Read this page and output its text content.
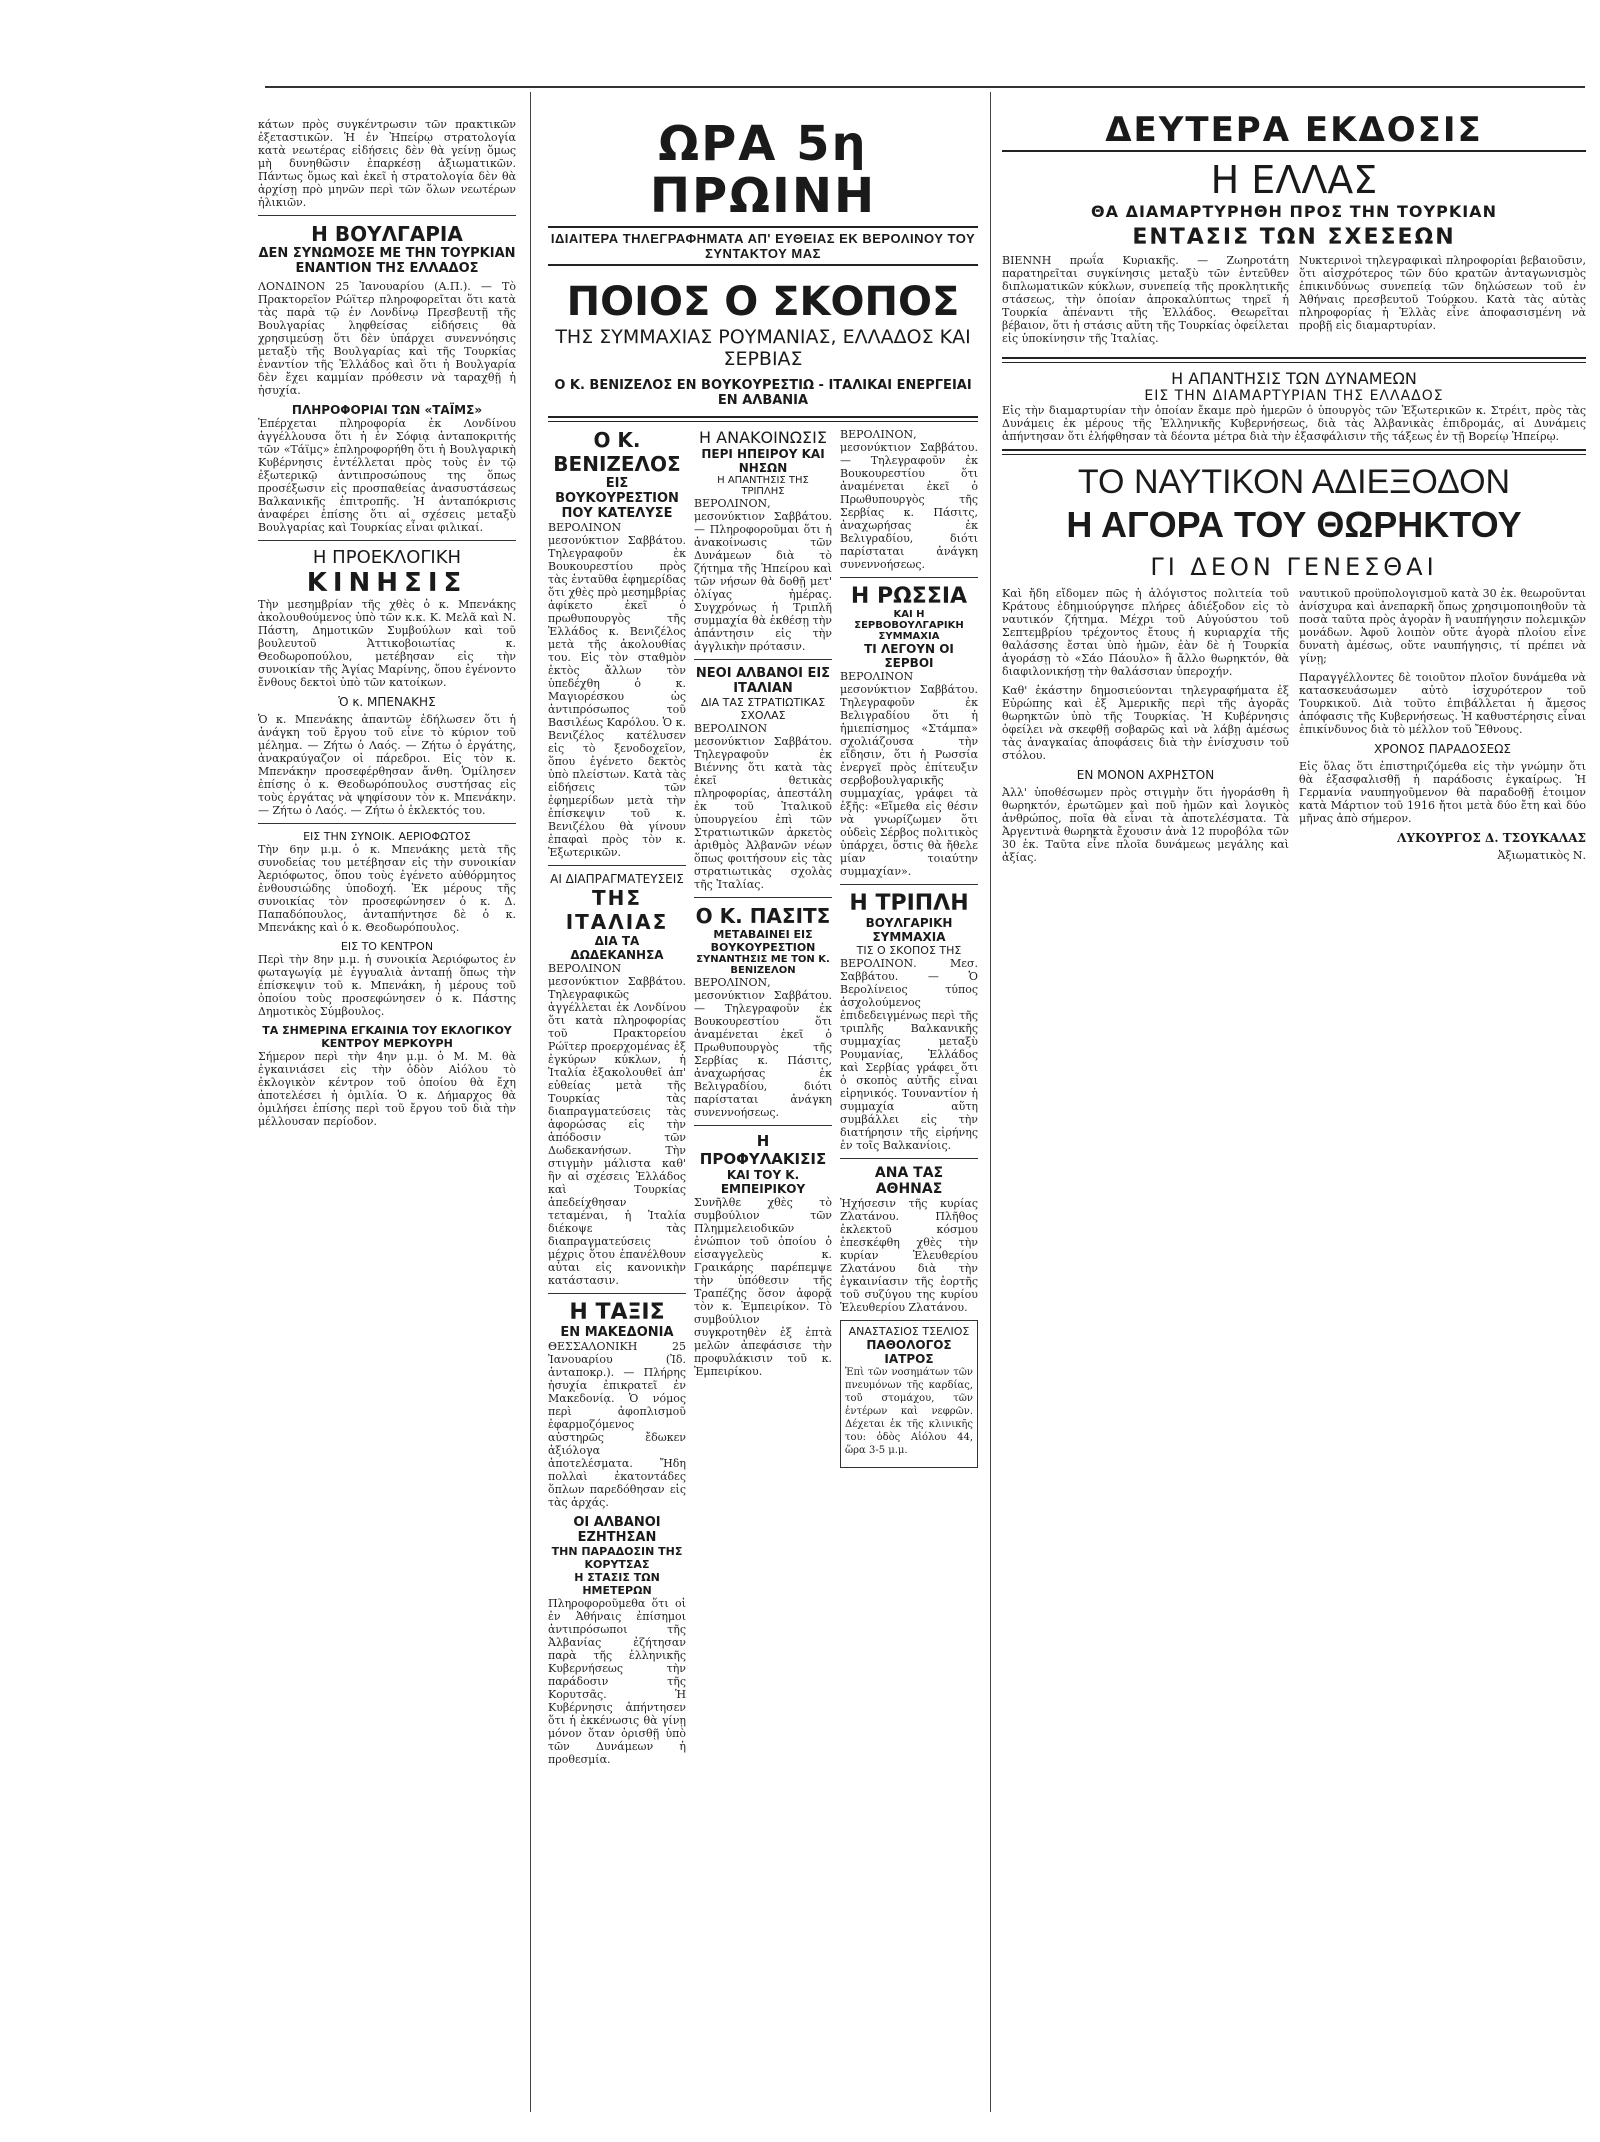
κάτων πρὸς συγκέντρωσιν τῶν πρακτικῶν ἐξεταστικῶν. Ἡ ἐν Ἠπείρῳ στρατολογία κατὰ νεωτέρας εἰδήσεις δὲν θὰ γείνῃ ὅμως μὴ δυνηθῶσιν ἐπαρκέσῃ ἀξιωματικῶν. Πάντως ὅμως καὶ ἐκεῖ ἡ στρατολογία δὲν θὰ ἀρχίσῃ πρὸ μηνῶν περὶ τῶν ὅλων νεωτέρων ἡλικιῶν.

Η ΒΟΥΛΓΑΡΙΑ
ΔΕΝ ΣΥΝΩΜΟΣΕ ΜΕ ΤΗΝ ΤΟΥΡΚΙΑΝ
ΕΝΑΝΤΙΟΝ ΤΗΣ ΕΛΛΑΔΟΣ

ΛΟΝΔΙΝΟΝ 25 Ἰανουαρίου (Α.Π.). — Τὸ Πρακτορεῖον Ρώϊτερ πληροφορεῖται ὅτι κατὰ τὰς παρὰ τῷ ἐν Λονδίνῳ Πρεσβευτῇ τῆς Βουλγαρίας ληφθείσας εἰδήσεις θὰ χρησιμεύσῃ ὅτι δὲν ὑπάρχει συνεννόησις μεταξὺ τῆς Βουλγαρίας καὶ τῆς Τουρκίας ἐναντίον τῆς Ἑλλάδος καὶ ὅτι ἡ Βουλγαρία δὲν ἔχει καμμίαν πρόθεσιν νὰ ταραχθῇ ἡ ἡσυχία.

ΠΛΗΡΟΦΟΡΙΑΙ ΤΩΝ «ΤΑΪΜΣ»

Ἐπέρχεται πληροφορία ἐκ Λονδίνου ἀγγέλλουσα ὅτι ἡ ἐν Σόφιᾳ ἀνταποκριτής τῶν «Τάϊμς» ἐπληροφορήθη ὅτι ἡ Βουλγαρικὴ Κυβέρνησις ἐντέλλεται πρὸς τοὺς ἐν τῷ ἐξωτερικῷ ἀντιπροσώπους της ὅπως προσέξωσιν εἰς προσπαθείας ἀνασυστάσεως Βαλκανικῆς ἐπιτροπῆς. Ἡ ἀνταπόκρισις ἀναφέρει ἐπίσης ὅτι αἱ σχέσεις μεταξὺ Βουλγαρίας καὶ Τουρκίας εἶναι φιλικαί.

Η ΠΡΟΕΚΛΟΓΙΚΗ
ΚΙΝΗΣΙΣ

Τὴν μεσημβρίαν τῆς χθὲς ὁ κ. Μπενάκης ἀκολουθούμενος ὑπὸ τῶν κ.κ. Κ. Μελᾶ καὶ Ν. Πάστη, Δημοτικῶν Συμβούλων καὶ τοῦ βουλευτοῦ Ἀττικοβοιωτίας κ. Θεοδωροπούλου, μετέβησαν εἰς τὴν συνοικίαν τῆς Ἁγίας Μαρίνης, ὅπου ἐγένοντο ἔνθους δεκτοὶ ὑπὸ τῶν κατοίκων.

Ὁ κ. ΜΠΕΝΑΚΗΣ

Ὁ κ. Μπενάκης ἀπαντῶν ἐδήλωσεν ὅτι ἡ ἀνάγκη τοῦ ἔργου τοῦ εἶνε τὸ κύριον τοῦ μέλημα. — Ζήτω ὁ Λαός. — Ζήτω ὁ ἐργάτης, ἀνακραύγαζον οἱ πάρεδροι. Εἰς τὸν κ. Μπενάκην προσεφέρθησαν ἄνθη. Ὁμίλησεν ἐπίσης ὁ κ. Θεοδωρόπουλος συστήσας εἰς τοὺς ἐργάτας νὰ ψηφίσουν τὸν κ. Μπενάκην. — Ζήτω ὁ Λαός. — Ζήτω ὁ ἐκλεκτός του.

ΕΙΣ ΤΗΝ ΣΥΝΟΙΚ. ΑΕΡΙΟΦΩΤΟΣ

Τὴν 6ην μ.μ. ὁ κ. Μπενάκης μετὰ τῆς συνοδείας του μετέβησαν εἰς τὴν συνοικίαν Ἀεριόφωτος, ὅπου τοὺς ἐγένετο αὐθόρμητος ἐνθουσιώδης ὑποδοχή. Ἐκ μέρους τῆς συνοικίας τὸν προσεφώνησεν ὁ κ. Δ. Παπαδόπουλος, ἀνταπήντησε δὲ ὁ κ. Μπενάκης καὶ ὁ κ. Θεοδωρόπουλος.

ΕΙΣ ΤΟ ΚΕΝΤΡΟΝ

Περὶ τὴν 8ην μ.μ. ἡ συνοικία Ἀεριόφωτος ἐν φωταγωγίᾳ μὲ ἐγγυαλιὰ ἀνταπῄ ὅπως τὴν ἐπίσκεψιν τοῦ κ. Μπενάκη, ἡ μέρους τοῦ ὁποίου τοὺς προσεφώνησεν ὁ κ. Πάστης Δημοτικὸς Σύμβουλος.

ΤΑ ΣΗΜΕΡΙΝΑ ΕΓΚΑΙΝΙΑ ΤΟΥ ΕΚΛΟΓΙΚΟΥ ΚΕΝΤΡΟΥ ΜΕΡΚΟΥΡΗ

Σήμερον περὶ τὴν 4ην μ.μ. ὁ Μ. Μ. θὰ ἐγκαινιάσει εἰς τὴν ὁδὸν Αἰόλου τὸ ἐκλογικὸν κέντρον τοῦ ὁποίου θὰ ἔχη ἀποτελέσει ἡ ὁμιλία. Ὁ κ. Δήμαρχος θὰ ὁμιλήσει ἐπίσης περὶ τοῦ ἔργου τοῦ διὰ τὴν μέλλουσαν περίοδον.

ΩΡΑ 5η ΠΡΩΙΝΗ
ΙΔΙΑΙΤΕΡΑ ΤΗΛΕΓΡΑΦΗΜΑΤΑ ΑΠ' ΕΥΘΕΙΑΣ ΕΚ ΒΕΡΟΛΙΝΟΥ ΤΟΥ ΣΥΝΤΑΚΤΟΥ ΜΑΣ
ΠΟΙΟΣ Ο ΣΚΟΠΟΣ
ΤΗΣ ΣΥΜΜΑΧΙΑΣ ΡΟΥΜΑΝΙΑΣ, ΕΛΛΑΔΟΣ ΚΑΙ ΣΕΡΒΙΑΣ
Ο Κ. ΒΕΝΙΖΕΛΟΣ ΕΝ ΒΟΥΚΟΥΡΕΣΤΙΩ - ΙΤΑΛΙΚΑΙ ΕΝΕΡΓΕΙΑΙ ΕΝ ΑΛΒΑΝΙΑ
Ο Κ. ΒΕΝΙΖΕΛΟΣ
ΕΙΣ ΒΟΥΚΟΥΡΕΣΤΙΟΝ
ΠΟΥ ΚΑΤΕΛΥΣΕ

ΒΕΡΟΛΙΝΟΝ μεσονύκτιον Σαββάτου. Τηλεγραφοῦν ἐκ Βουκουρεστίου πρὸς τὰς ἐνταῦθα ἐφημερίδας ὅτι χθὲς πρὸ μεσημβρίας ἀφίκετο ἐκεῖ ὁ πρωθυπουργὸς τῆς Ἑλλάδος κ. Βενιζέλος μετὰ τῆς ἀκολουθίας του. Εἰς τὸν σταθμὸν ἐκτὸς ἄλλων τὸν ὑπεδέχθη ὁ κ. Μαγιορέσκου ὡς ἀντιπρόσωπος τοῦ Βασιλέως Καρόλου. Ὁ κ. Βενιζέλος κατέλυσεν εἰς τὸ ξενοδοχεῖον, ὅπου ἐγένετο δεκτὸς ὑπὸ πλείστων. Κατὰ τὰς εἰδήσεις τῶν ἐφημερίδων μετὰ τὴν ἐπίσκεψιν τοῦ κ. Βενιζέλου θὰ γίνουν ἐπαφαὶ πρὸς τὸν κ. Ἐξωτερικῶν.

ΑΙ ΔΙΑΠΡΑΓΜΑΤΕΥΣΕΙΣ
ΤΗΣ ΙΤΑΛΙΑΣ
ΔΙΑ ΤΑ ΔΩΔΕΚΑΝΗΣΑ

ΒΕΡΟΛΙΝΟΝ μεσονύκτιον Σαββάτου. Τηλεγραφικῶς ἀγγέλλεται ἐκ Λονδίνου ὅτι κατὰ πληροφορίας τοῦ Πρακτορείου Ρώϊτερ προερχομένας ἐξ ἐγκύρων κύκλων, ἡ Ἰταλία ἐξακολουθεῖ ἀπ' εὐθείας μετὰ τῆς Τουρκίας τὰς διαπραγματεύσεις τὰς ἀφορώσας εἰς τὴν ἀπόδοσιν τῶν Δωδεκανήσων. Τὴν στιγμὴν μάλιστα καθ' ἣν αἱ σχέσεις Ἑλλάδος καὶ Τουρκίας ἀπεδείχθησαν τεταμέναι, ἡ Ἰταλία διέκοψε τὰς διαπραγματεύσεις μέχρις ὅτου ἐπανέλθουν αὗται εἰς κανονικὴν κατάστασιν.

Η ΤΑΞΙΣ
ΕΝ ΜΑΚΕΔΟΝΙΑ

ΘΕΣΣΑΛΟΝΙΚΗ 25 Ἰανουαρίου (Ἰδ. ἀνταποκρ.). — Πλήρης ἡσυχία ἐπικρατεῖ ἐν Μακεδονίᾳ. Ὁ νόμος περὶ ἀφοπλισμοῦ ἐφαρμοζόμενος αὐστηρῶς ἔδωκεν ἀξιόλογα ἀποτελέσματα. Ἤδη πολλαὶ ἐκατοντάδες ὅπλων παρεδόθησαν εἰς τὰς ἀρχάς.

ΟΙ ΑΛΒΑΝΟΙ ΕΖΗΤΗΣΑΝ
ΤΗΝ ΠΑΡΑΔΟΣΙΝ ΤΗΣ ΚΟΡΥΤΣΑΣ
Η ΣΤΑΣΙΣ ΤΩΝ ΗΜΕΤΕΡΩΝ

Πληροφοροῦμεθα ὅτι οἱ ἐν Ἀθήναις ἐπίσημοι ἀντιπρόσωποι τῆς Ἀλβανίας ἐζήτησαν παρὰ τῆς ἑλληνικῆς Κυβερνήσεως τὴν παράδοσιν τῆς Κορυτσᾶς. Ἡ Κυβέρνησις ἀπήντησεν ὅτι ἡ ἐκκένωσις θὰ γίνῃ μόνον ὅταν ὁρισθῇ ὑπὸ τῶν Δυνάμεων ἡ προθεσμία.

Η ΑΝΑΚΟΙΝΩΣΙΣ
ΠΕΡΙ ΗΠΕΙΡΟΥ ΚΑΙ ΝΗΣΩΝ
Η ΑΠΑΝΤΗΣΙΣ ΤΗΣ ΤΡΙΠΛΗΣ

ΒΕΡΟΛΙΝΟΝ, μεσονύκτιον Σαββάτου. — Πληροφοροῦμαι ὅτι ἡ ἀνακοίνωσις τῶν Δυνάμεων διὰ τὸ ζήτημα τῆς Ἠπείρου καὶ τῶν νήσων θὰ δοθῇ μετ' ὀλίγας ἡμέρας. Συγχρόνως ἡ Τριπλῆ συμμαχία θὰ ἐκθέσῃ τὴν ἀπάντησιν εἰς τὴν ἀγγλικὴν πρότασιν.

ΝΕΟΙ ΑΛΒΑΝΟΙ ΕΙΣ ΙΤΑΛΙΑΝ
ΔΙΑ ΤΑΣ ΣΤΡΑΤΙΩΤΙΚΑΣ ΣΧΟΛΑΣ

ΒΕΡΟΛΙΝΟΝ μεσονύκτιον Σαββάτου. Τηλεγραφοῦν ἐκ Βιέννης ὅτι κατὰ τὰς ἐκεῖ θετικὰς πληροφορίας, ἀπεστάλη ἐκ τοῦ Ἰταλικοῦ ὑπουργείου ἐπὶ τῶν Στρατιωτικῶν ἀρκετὸς ἀριθμὸς Ἀλβανῶν νέων ὅπως φοιτήσουν εἰς τὰς στρατιωτικὰς σχολὰς τῆς Ἰταλίας.

Ο Κ. ΠΑΣΙΤΣ
ΜΕΤΑΒΑΙΝΕΙ ΕΙΣ ΒΟΥΚΟΥΡΕΣΤΙΟΝ
ΣΥΝΑΝΤΗΣΙΣ ΜΕ ΤΟΝ Κ. ΒΕΝΙΖΕΛΟΝ

ΒΕΡΟΛΙΝΟΝ, μεσονύκτιον Σαββάτου. — Τηλεγραφοῦν ἐκ Βουκουρεστίου ὅτι ἀναμένεται ἐκεῖ ὁ Πρωθυπουργὸς τῆς Σερβίας κ. Πάσιτς, ἀναχωρήσας ἐκ Βελιγραδίου, διότι παρίσταται ἀνάγκη συνεννοήσεως.

Η ΠΡΟΦΥΛΑΚΙΣΙΣ
ΚΑΙ ΤΟΥ Κ. ΕΜΠΕΙΡΙΚΟΥ

Συνῆλθε χθὲς τὸ συμβούλιον τῶν Πλημμελειοδικῶν ἐνώπιον τοῦ ὁποίου ὁ εἰσαγγελεὺς κ. Γραικάρης παρέπεμψε τὴν ὑπόθεσιν τῆς Τραπέζης ὅσον ἀφορᾷ τὸν κ. Ἐμπειρίκον. Τὸ συμβούλιον συγκροτηθὲν ἐξ ἑπτὰ μελῶν ἀπεφάσισε τὴν προφυλάκισιν τοῦ κ. Ἐμπειρίκου.

ΒΕΡΟΛΙΝΟΝ, μεσονύκτιον Σαββάτου. — Τηλεγραφοῦν ἐκ Βουκουρεστίου ὅτι ἀναμένεται ἐκεῖ ὁ Πρωθυπουργὸς τῆς Σερβίας κ. Πάσιτς, ἀναχωρήσας ἐκ Βελιγραδίου, διότι παρίσταται ἀνάγκη συνεννοήσεως.

Η ΡΩΣΣΙΑ
ΚΑΙ Η ΣΕΡΒΟΒΟΥΛΓΑΡΙΚΗ ΣΥΜΜΑΧΙΑ
ΤΙ ΛΕΓΟΥΝ ΟΙ ΣΕΡΒΟΙ

ΒΕΡΟΛΙΝΟΝ μεσονύκτιον Σαββάτου. Τηλεγραφοῦν ἐκ Βελιγραδίου ὅτι ἡ ἡμιεπίσημος «Στάμπα» σχολιάζουσα τὴν εἴδησιν, ὅτι ἡ Ρωσσία ἐνεργεῖ πρὸς ἐπίτευξιν σερβοβουλγαρικῆς συμμαχίας, γράφει τὰ ἑξῆς: «Εἴμεθα εἰς θέσιν νὰ γνωρίζωμεν ὅτι οὐδεὶς Σέρβος πολιτικὸς ὑπάρχει, ὅστις θὰ ἤθελε μίαν τοιαύτην συμμαχίαν».

Η ΤΡΙΠΛΗ
ΒΟΥΛΓΑΡΙΚΗ ΣΥΜΜΑΧΙΑ
ΤΙΣ Ο ΣΚΟΠΟΣ ΤΗΣ

ΒΕΡΟΛΙΝΟΝ. Μεσ. Σαββάτου. — Ὁ Βερολίνειος τύπος ἀσχολούμενος ἐπιδεδειγμένως περὶ τῆς τριπλῆς Βαλκανικῆς συμμαχίας μεταξὺ Ρουμανίας, Ἑλλάδος καὶ Σερβίας γράφει ὅτι ὁ σκοπὸς αὐτῆς εἶναι εἰρηνικός. Τουναντίον ἡ συμμαχία αὕτη συμβάλλει εἰς τὴν διατήρησιν τῆς εἰρήνης ἐν τοῖς Βαλκανίοις.

ΑΝΑ ΤΑΣ ΑΘΗΝΑΣ

Ἠχήσεσιν τῆς κυρίας Ζλατάνου. Πλῆθος ἐκλεκτοῦ κόσμου ἐπεσκέφθη χθὲς τὴν κυρίαν Ἑλευθερίου Ζλατάνου διὰ τὴν ἐγκαινίασιν τῆς ἑορτῆς τοῦ συζύγου της κυρίου Ἑλευθερίου Ζλατάνου.

ΑΝΑΣΤΑΣΙΟΣ ΤΣΕΛΙΟΣ
ΠΑΘΟΛΟΓΟΣ ΙΑΤΡΟΣ

Ἐπὶ τῶν νοσημάτων τῶν πνευμόνων τῆς καρδίας, τοῦ στομάχου, τῶν ἐντέρων καὶ νεφρῶν. Δέχεται ἐκ τῆς κλινικῆς του: ὁδὸς Αἰόλου 44, ὥρα 3-5 μ.μ.

ΔΕΥΤΕΡΑ ΕΚΔΟΣΙΣ
Η ΕΛΛΑΣ
ΘΑ ΔΙΑΜΑΡΤΥΡΗΘΗ ΠΡΟΣ ΤΗΝ ΤΟΥΡΚΙΑΝ
ΕΝΤΑΣΙΣ ΤΩΝ ΣΧΕΣΕΩΝ

ΒΙΕΝΝΗ πρωΐα Κυριακῆς. — Ζωηροτάτη παρατηρεῖται συγκίνησις μεταξὺ τῶν ἐντεῦθεν διπλωματικῶν κύκλων, συνεπείᾳ τῆς προκλητικῆς στάσεως, τὴν ὁποίαν ἀπροκαλύπτως τηρεῖ ἡ Τουρκία ἀπέναντι τῆς Ἑλλάδος. Θεωρεῖται βέβαιον, ὅτι ἡ στάσις αὕτη τῆς Τουρκίας ὀφείλεται εἰς ὑποκίνησιν τῆς Ἰταλίας.

Νυκτερινοὶ τηλεγραφικαὶ πληροφορίαι βεβαιοῦσιν, ὅτι αἰσχρότερος τῶν δύο κρατῶν ἀνταγωνισμὸς ἐπικινδύνως συνεπείᾳ τῶν δηλώσεων τοῦ ἐν Ἀθήναις πρεσβευτοῦ Τούρκου. Κατὰ τὰς αὐτὰς πληροφορίας ἡ Ἑλλὰς εἶνε ἀποφασισμένη νὰ προβῇ εἰς διαμαρτυρίαν.

Η ΑΠΑΝΤΗΣΙΣ ΤΩΝ ΔΥΝΑΜΕΩΝ
ΕΙΣ ΤΗΝ ΔΙΑΜΑΡΤΥΡΙΑΝ ΤΗΣ ΕΛΛΑΔΟΣ

Εἰς τὴν διαμαρτυρίαν τὴν ὁποίαν ἔκαμε πρὸ ἡμερῶν ὁ ὑπουργὸς τῶν Ἐξωτερικῶν κ. Στρέιτ, πρὸς τὰς Δυνάμεις ἐκ μέρους τῆς Ἑλληνικῆς Κυβερνήσεως, διὰ τὰς Ἀλβανικὰς ἐπιδρομάς, αἱ Δυνάμεις ἀπήντησαν ὅτι ἐλήφθησαν τὰ δέοντα μέτρα διὰ τὴν ἐξασφάλισιν τῆς τάξεως ἐν τῇ Βορείῳ Ἠπείρῳ.

ΤΟ ΝΑΥΤΙΚΟΝ ΑΔΙΕΞΟΔΟΝ
Η ΑΓΟΡΑ ΤΟΥ ΘΩΡΗΚΤΟΥ
ΓΙ ΔΕΟΝ ΓΕΝΕΣΘΑΙ

Καὶ ἤδη εἴδομεν πῶς ἡ ἀλόγιστος πολιτεία τοῦ Κράτους ἐδημιούργησε πλήρες ἀδιέξοδον εἰς τὸ ναυτικόν ζήτημα. Μέχρι τοῦ Αὐγούστου τοῦ Σεπτεμβρίου τρέχοντος ἔτους ἡ κυριαρχία τῆς θαλάσσης ἔσται ὑπὸ ἡμῶν, ἐὰν δὲ ἡ Τουρκία ἀγοράσῃ τὸ «Σάο Πάουλο» ἢ ἄλλο θωρηκτόν, θὰ διαφιλονικήσῃ τὴν θαλάσσιαν ὑπεροχήν.

Καθ' ἑκάστην δημοσιεύονται τηλεγραφήματα ἐξ Εὐρώπης καὶ ἐξ Ἀμερικῆς περὶ τῆς ἀγορᾶς θωρηκτῶν ὑπὸ τῆς Τουρκίας. Ἡ Κυβέρνησις ὀφείλει νὰ σκεφθῇ σοβαρῶς καὶ νὰ λάβῃ ἀμέσως τὰς ἀναγκαίας ἀποφάσεις διὰ τὴν ἐνίσχυσιν τοῦ στόλου.

ΕΝ ΜΟΝΟΝ ΑΧΡΗΣΤΟΝ

Ἀλλ' ὑποθέσωμεν πρὸς στιγμὴν ὅτι ἠγοράσθη ἢ θωρηκτόν, ἐρωτῶμεν καὶ ποῦ ἡμῶν καὶ λογικὸς ἀνθρώπος, ποῖα θὰ εἶναι τὰ ἀποτελέσματα. Τὰ Ἀργεντινὰ θωρηκτὰ ἔχουσιν ἀνὰ 12 πυροβόλα τῶν 30 ἑκ. Ταῦτα εἶνε πλοῖα δυνάμεως μεγάλης καὶ ἀξίας.

ναυτικοῦ προϋπολογισμοῦ κατὰ 30 ἑκ. θεωροῦνται ἀνίσχυρα καὶ ἀνεπαρκῆ ὅπως χρησιμοποιηθοῦν τὰ ποσὰ ταῦτα πρὸς ἀγορὰν ἢ ναυπήγησιν πολεμικῶν μονάδων. Ἀφοῦ λοιπὸν οὔτε ἀγορὰ πλοίου εἶνε δυνατὴ ἀμέσως, οὔτε ναυπήγησις, τί πρέπει νὰ γίνῃ;

Παραγγέλλοντες δὲ τοιοῦτον πλοῖον δυνάμεθα νὰ κατασκευάσωμεν αὐτὸ ἰσχυρότερον τοῦ Τουρκικοῦ. Διὰ τοῦτο ἐπιβάλλεται ἡ ἄμεσος ἀπόφασις τῆς Κυβερνήσεως. Ἡ καθυστέρησις εἶναι ἐπικίνδυνος διὰ τὸ μέλλον τοῦ Ἔθνους.

ΧΡΟΝΟΣ ΠΑΡΑΔΟΣΕΩΣ

Εἰς ὅλας ὅτι ἐπιστηριζόμεθα εἰς τὴν γνώμην ὅτι θὰ ἐξασφαλισθῇ ἡ παράδοσις ἐγκαίρως. Ἡ Γερμανία ναυπηγοῦμενον θὰ παραδοθῇ ἑτοιμον κατὰ Μάρτιον τοῦ 1916 ἤτοι μετὰ δύο ἔτη καὶ δύο μῆνας ἀπὸ σήμερον.

ΛΥΚΟΥΡΓΟΣ Δ. ΤΣΟΥΚΑΛΑΣ
Ἀξιωματικὸς Ν.
